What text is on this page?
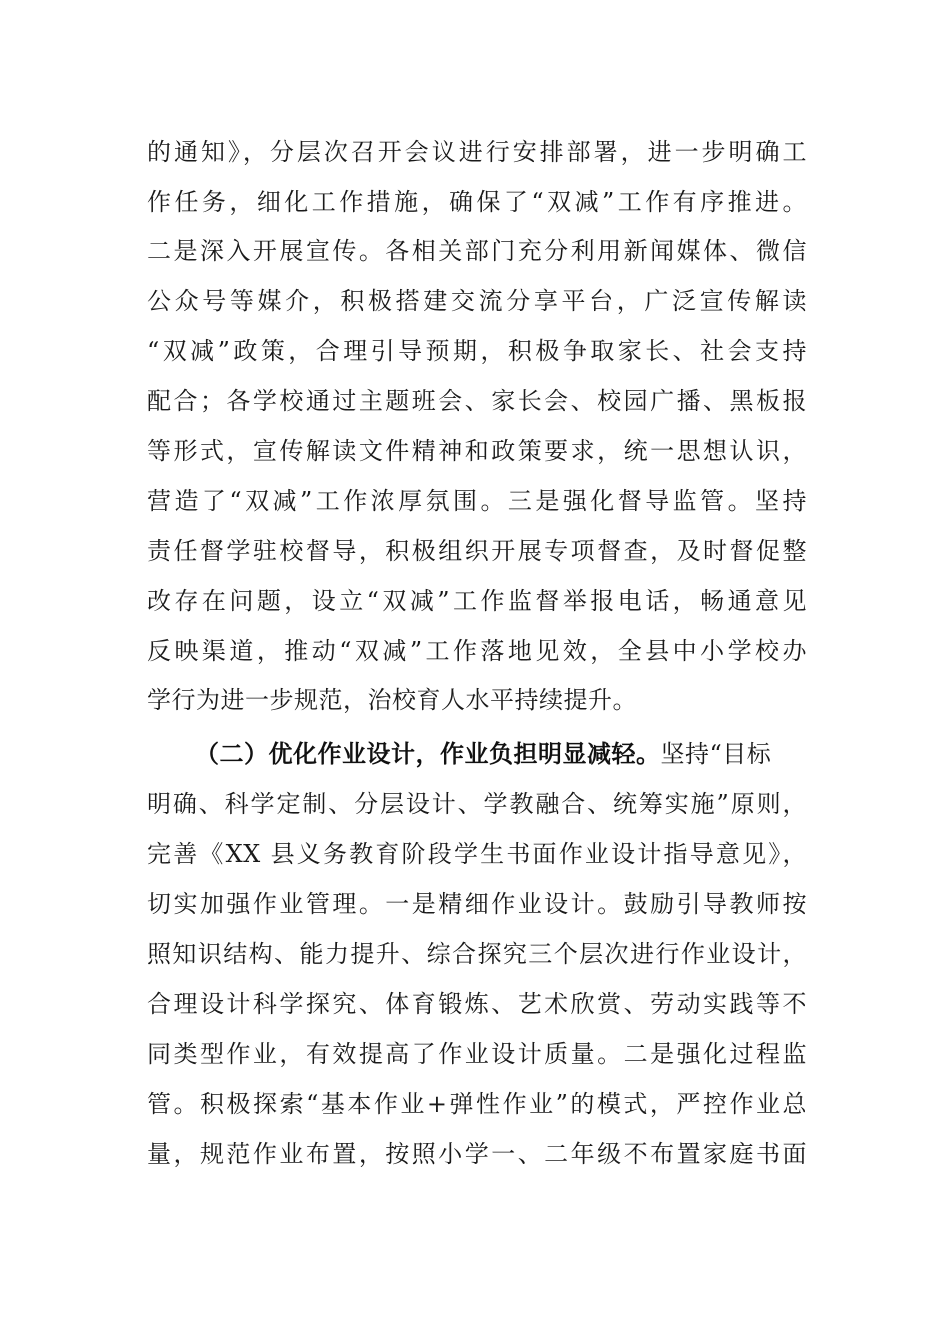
的通知》，分层次召开会议进行安排部署，进一步明确工
作任务，细化工作措施，确保了“双减”工作有序推进。
二是深入开展宣传。各相关部门充分利用新闻媒体、微信
公众号等媒介，积极搭建交流分享平台，广泛宣传解读
“双减”政策，合理引导预期，积极争取家长、社会支持
配合；各学校通过主题班会、家长会、校园广播、黑板报
等形式，宣传解读文件精神和政策要求，统一思想认识，
营造了“双减”工作浓厚氛围。三是强化督导监管。坚持
责任督学驻校督导，积极组织开展专项督查，及时督促整
改存在问题，设立“双减”工作监督举报电话，畅通意见
反映渠道，推动“双减”工作落地见效，全县中小学校办
学行为进一步规范，治校育人水平持续提升。
（二）优化作业设计，作业负担明显减轻。坚持“目标
明确、科学定制、分层设计、学教融合、统筹实施”原则，
完善《XX 县义务教育阶段学生书面作业设计指导意见》，
切实加强作业管理。一是精细作业设计。鼓励引导教师按
照知识结构、能力提升、综合探究三个层次进行作业设计，
合理设计科学探究、体育锻炼、艺术欣赏、劳动实践等不
同类型作业，有效提高了作业设计质量。二是强化过程监
管。积极探索“基本作业+弹性作业”的模式，严控作业总
量，规范作业布置，按照小学一、二年级不布置家庭书面
